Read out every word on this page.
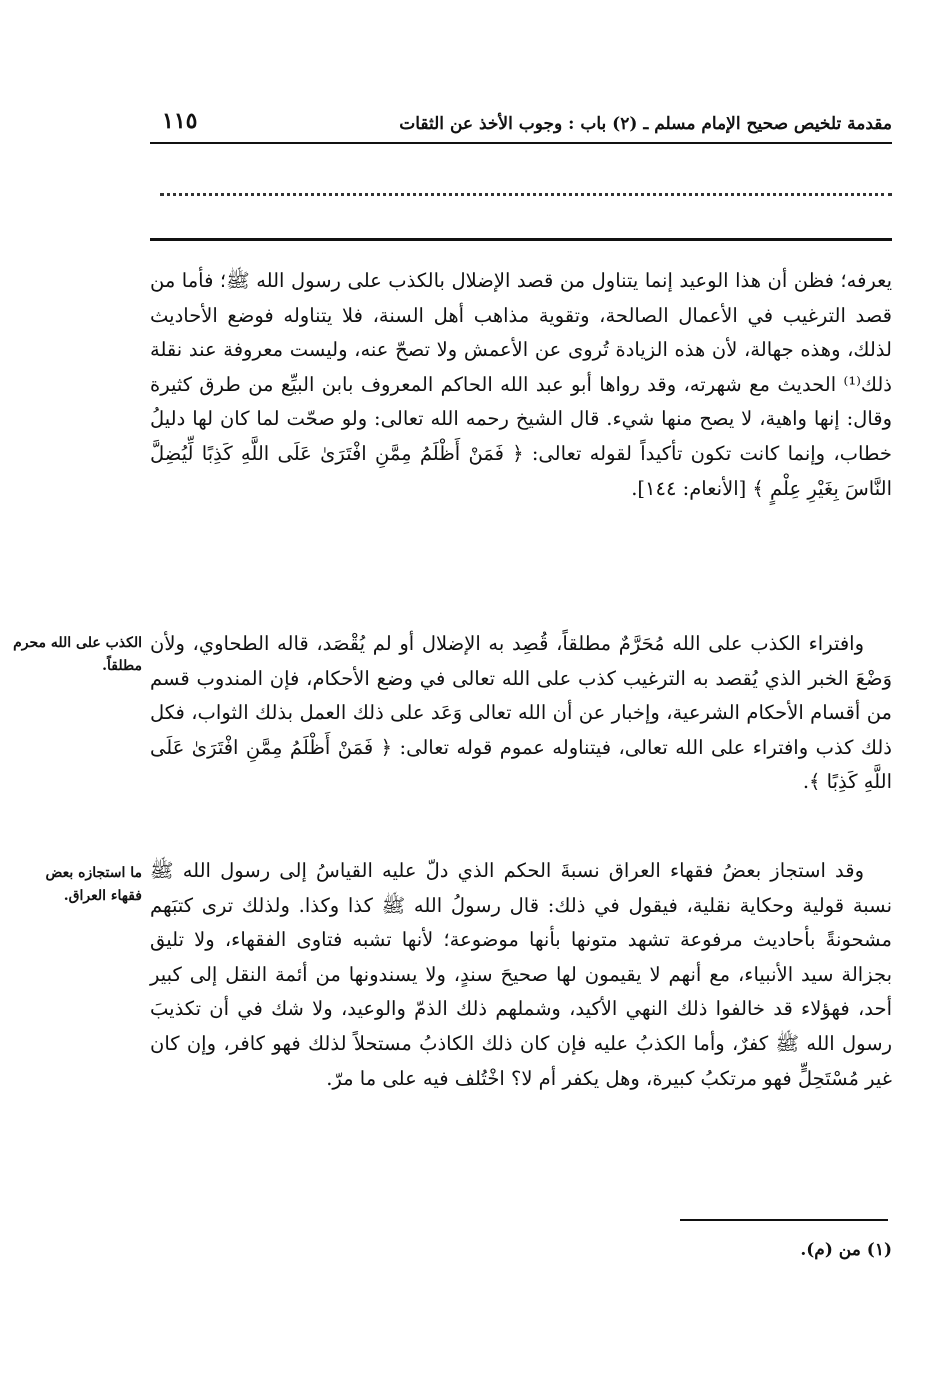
مقدمة تلخيص صحيح الإمام مسلم ـ (٢) باب : وجوب الأخذ عن الثقات
١١٥

يعرفه؛ فظن أن هذا الوعيد إنما يتناول من قصد الإضلال بالكذب على رسول الله ﷺ؛ فأما من قصد الترغيب في الأعمال الصالحة، وتقوية مذاهب أهل السنة، فلا يتناوله فوضع الأحاديث لذلك، وهذه جهالة، لأن هذه الزيادة تُروى عن الأعمش ولا تصحّ عنه، وليست معروفة عند نقلة ذلك⁽¹⁾ الحديث مع شهرته، وقد رواها أبو عبد الله الحاكم المعروف بابن البيِّع من طرق كثيرة وقال: إنها واهية، لا يصح منها شيء. قال الشيخ رحمه الله تعالى: ولو صحّت لما كان لها دليلُ خطاب، وإنما كانت تكون تأكيداً لقوله تعالى: ﴿ فَمَنْ أَظْلَمُ مِمَّنِ افْتَرَىٰ عَلَى اللَّهِ كَذِبًا لِّيُضِلَّ النَّاسَ بِغَيْرِ عِلْمٍ ﴾ [الأنعام: ١٤٤].

وافتراء الكذب على الله مُحَرَّمٌ مطلقاً، قُصِد به الإضلال أو لم يُقْصَد، قاله الطحاوي، ولأن وَضْعَ الخبر الذي يُقصد به الترغيب كذب على الله تعالى في وضع الأحكام، فإن المندوب قسم من أقسام الأحكام الشرعية، وإخبار عن أن الله تعالى وَعَد على ذلك العمل بذلك الثواب، فكل ذلك كذب وافتراء على الله تعالى، فيتناوله عموم قوله تعالى: ﴿ فَمَنْ أَظْلَمُ مِمَّنِ افْتَرَىٰ عَلَى اللَّهِ كَذِبًا ﴾.

وقد استجاز بعضُ فقهاء العراق نسبةَ الحكم الذي دلّ عليه القياسُ إلى رسول الله ﷺ نسبة قولية وحكاية نقلية، فيقول في ذلك: قال رسولُ الله ﷺ كذا وكذا. ولذلك ترى كتبَهم مشحونةً بأحاديث مرفوعة تشهد متونها بأنها موضوعة؛ لأنها تشبه فتاوى الفقهاء، ولا تليق بجزالة سيد الأنبياء، مع أنهم لا يقيمون لها صحيحَ سندٍ، ولا يسندونها من أئمة النقل إلى كبير أحد، فهؤلاء قد خالفوا ذلك النهي الأكيد، وشملهم ذلك الذمّ والوعيد، ولا شك في أن تكذيبَ رسول الله ﷺ كفرٌ، وأما الكذبُ عليه فإن كان ذلك الكاذبُ مستحلاً لذلك فهو كافر، وإن كان غير مُسْتَحِلٍّ فهو مرتكبُ كبيرة، وهل يكفر أم لا؟ اخْتُلف فيه على ما مرّ.

الكذب على الله محرم مطلقاً.
ما استجازه بعض فقهاء العراق.
(١) من (م).
